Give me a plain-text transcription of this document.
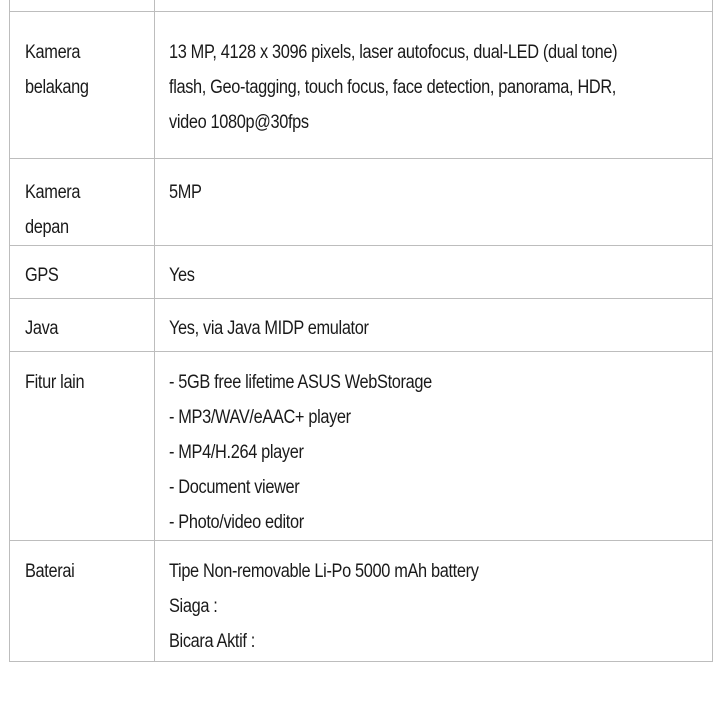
Kamera
belakang	13 MP, 4128 x 3096 pixels, laser autofocus, dual-LED (dual tone)
flash, Geo-tagging, touch focus, face detection, panorama, HDR,
video 1080p@30fps

Kamera
depan	5MP

GPS	Yes

Java	Yes, via Java MIDP emulator

Fitur lain	- 5GB free lifetime ASUS WebStorage
- MP3/WAV/eAAC+ player
- MP4/H.264 player
- Document viewer
- Photo/video editor

Baterai	Tipe Non-removable Li-Po 5000 mAh battery
Siaga :
Bicara Aktif :
